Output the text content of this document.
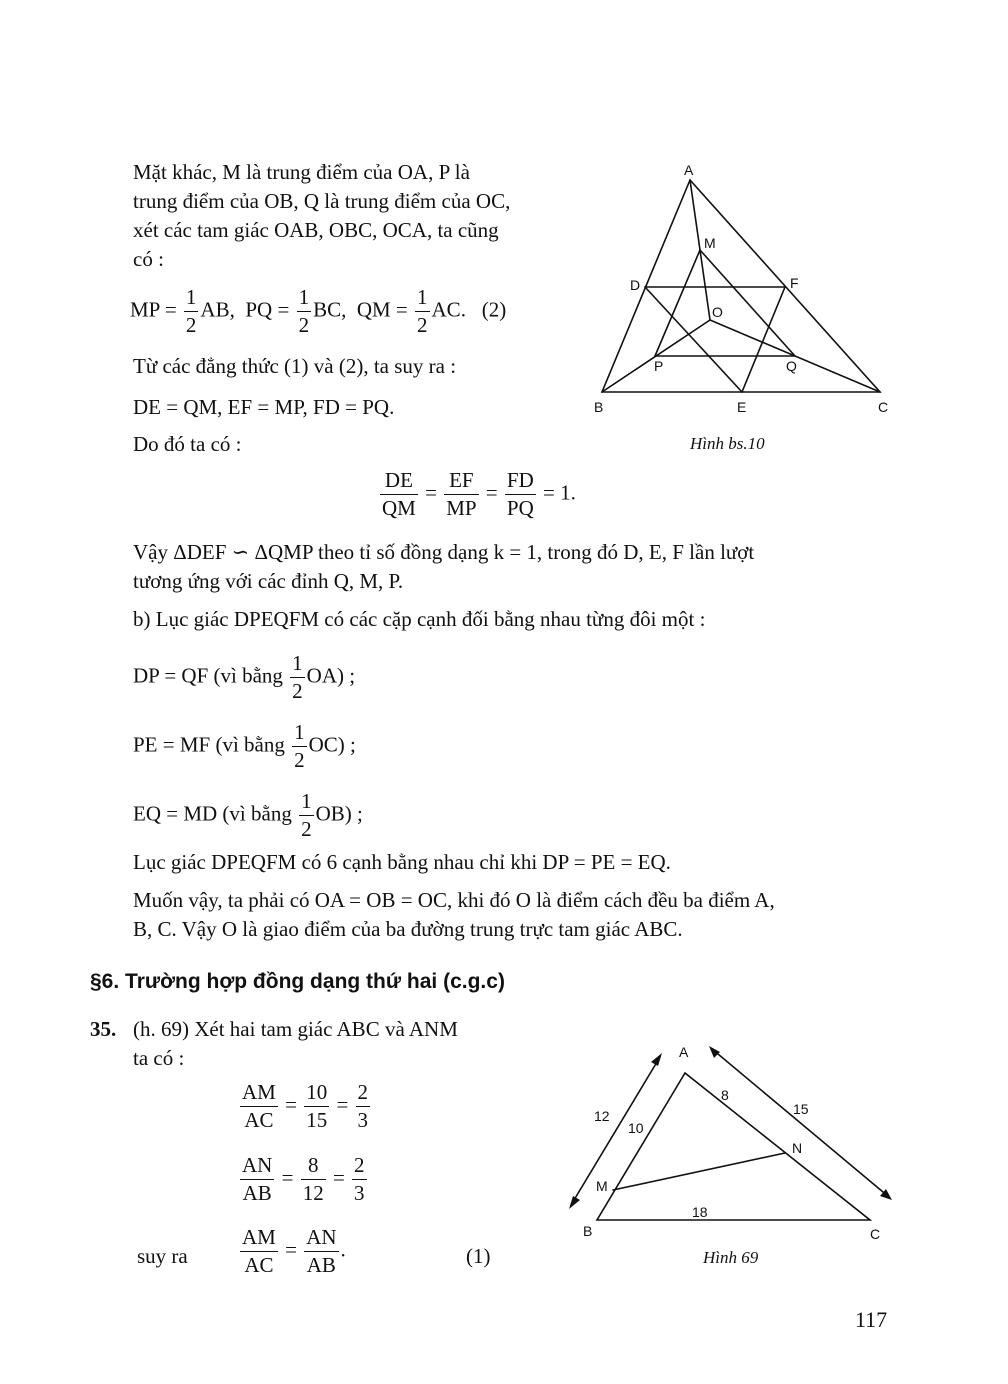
Mặt khác, M là trung điểm của OA, P là
trung điểm của OB, Q là trung điểm của OC,
xét các tam giác OAB, OBC, OCA, ta cũng
có :
MP = $\frac{1}{2}$ AB, PQ = $\frac{1}{2}$ BC, QM = $\frac{1}{2}$ AC. (2)
Từ các đẳng thức (1) và (2), ta suy ra :
DE = QM, EF = MP, FD = PQ.
Do đó ta có :
$\frac{DE}{QM} = \frac{EF}{MP} = \frac{FD}{PQ} = 1$.
Vậy ΔDEF ∽ ΔQMP theo tỉ số đồng dạng k = 1, trong đó D, E, F lần lượt
tương ứng với các đỉnh Q, M, P.
b) Lục giác DPEQFM có các cặp cạnh đối bằng nhau từng đôi một :
DP = QF (vì bằng $\frac{1}{2} OA$) ;
PE = MF (vì bằng $\frac{1}{2} OC$) ;
EQ = MD (vì bằng $\frac{1}{2} OB$) ;
Lục giác DPEQFM có 6 cạnh bằng nhau chỉ khi DP = PE = EQ.
Muốn vậy, ta phải có OA = OB = OC, khi đó O là điểm cách đều ba điểm A,
B, C. Vậy O là giao điểm của ba đường trung trực tam giác ABC.
§6. Trường hợp đồng dạng thứ hai (c.g.c)
35. (h. 69) Xét hai tam giác ABC và ANM
ta có :
$\frac{AM}{AC} = \frac{10}{15} = \frac{2}{3}$
$\frac{AN}{AB} = \frac{8}{12} = \frac{2}{3}$
suy ra $\frac{AM}{AC} = \frac{AN}{AB}$ .	(1)
A
B	C
D
E
F
M
O
P	Q
Hình bs.10
A
B	C
M
N
12
10
8
15
18
Hình 69
117
